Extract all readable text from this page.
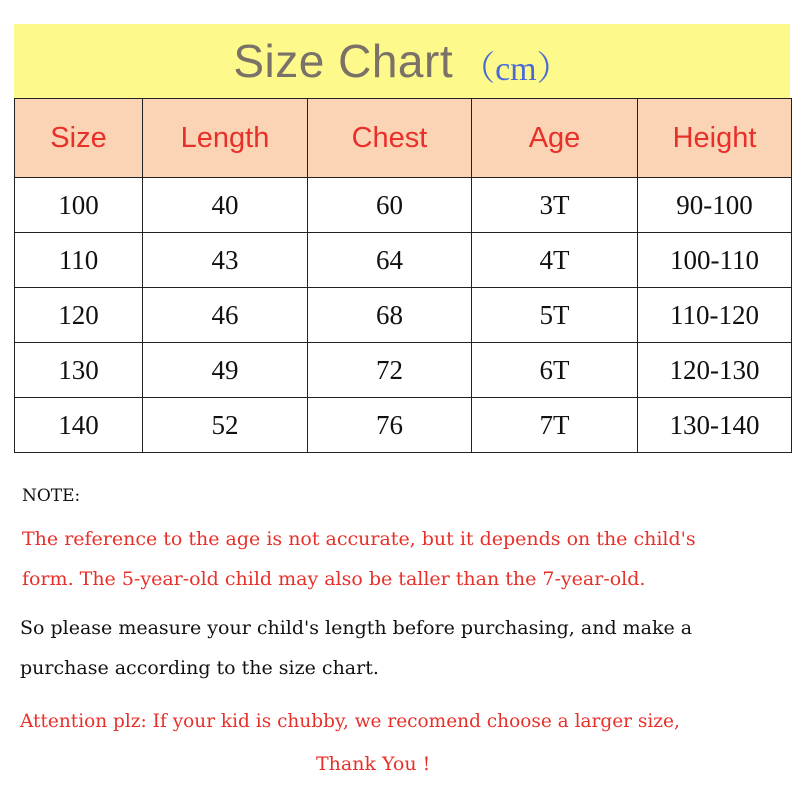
Size Chart （cm）
Size	Length	Chest	Age	Height
100	40	60	3T	90-100
110	43	64	4T	100-110
120	46	68	5T	110-120
130	49	72	6T	120-130
140	52	76	7T	130-140
NOTE:
The reference to the age is not accurate, but it depends on the child's
form. The 5-year-old child may also be taller than the 7-year-old.
So please measure your child's length before purchasing, and make a
purchase according to the size chart.
Attention plz: If your kid is chubby, we recomend choose a larger size,
Thank You !
